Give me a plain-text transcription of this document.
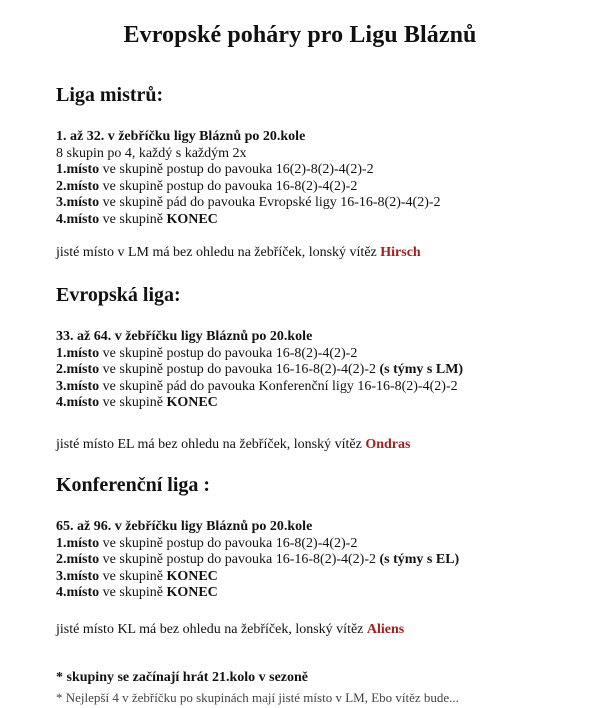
Evropské poháry pro Ligu Bláznů
Liga mistrů:
1. až 32. v žebříčku ligy Bláznů po 20.kole
8 skupin po 4, každý s každým 2x
1.místo ve skupině postup do pavouka 16(2)-8(2)-4(2)-2
2.místo ve skupině postup do pavouka 16-8(2)-4(2)-2
3.místo ve skupině pád do pavouka Evropské ligy 16-16-8(2)-4(2)-2
4.místo ve skupině KONEC
jisté místo v LM má bez ohledu na žebříček, lonský vítěz Hirsch
Evropská liga:
33. až 64. v žebříčku ligy Bláznů po 20.kole
1.místo ve skupině postup do pavouka 16-8(2)-4(2)-2
2.místo ve skupině postup do pavouka 16-16-8(2)-4(2)-2 (s týmy s LM)
3.místo ve skupině pád do pavouka Konferenční ligy 16-16-8(2)-4(2)-2
4.místo ve skupině KONEC
jisté místo EL má bez ohledu na žebříček, lonský vítěz Ondras
Konferenční liga :
65. až 96. v žebříčku ligy Bláznů po 20.kole
1.místo ve skupině postup do pavouka 16-8(2)-4(2)-2
2.místo ve skupině postup do pavouka 16-16-8(2)-4(2)-2 (s týmy s EL)
3.místo ve skupině KONEC
4.místo ve skupině KONEC
jisté místo KL má bez ohledu na žebříček, lonský vítěz Aliens
* skupiny se začínají hrát 21.kolo v sezoně
* Nejlepší 4 v žebříčku po skupinách mají jisté místo v LM, Ebo vítěz bude...
